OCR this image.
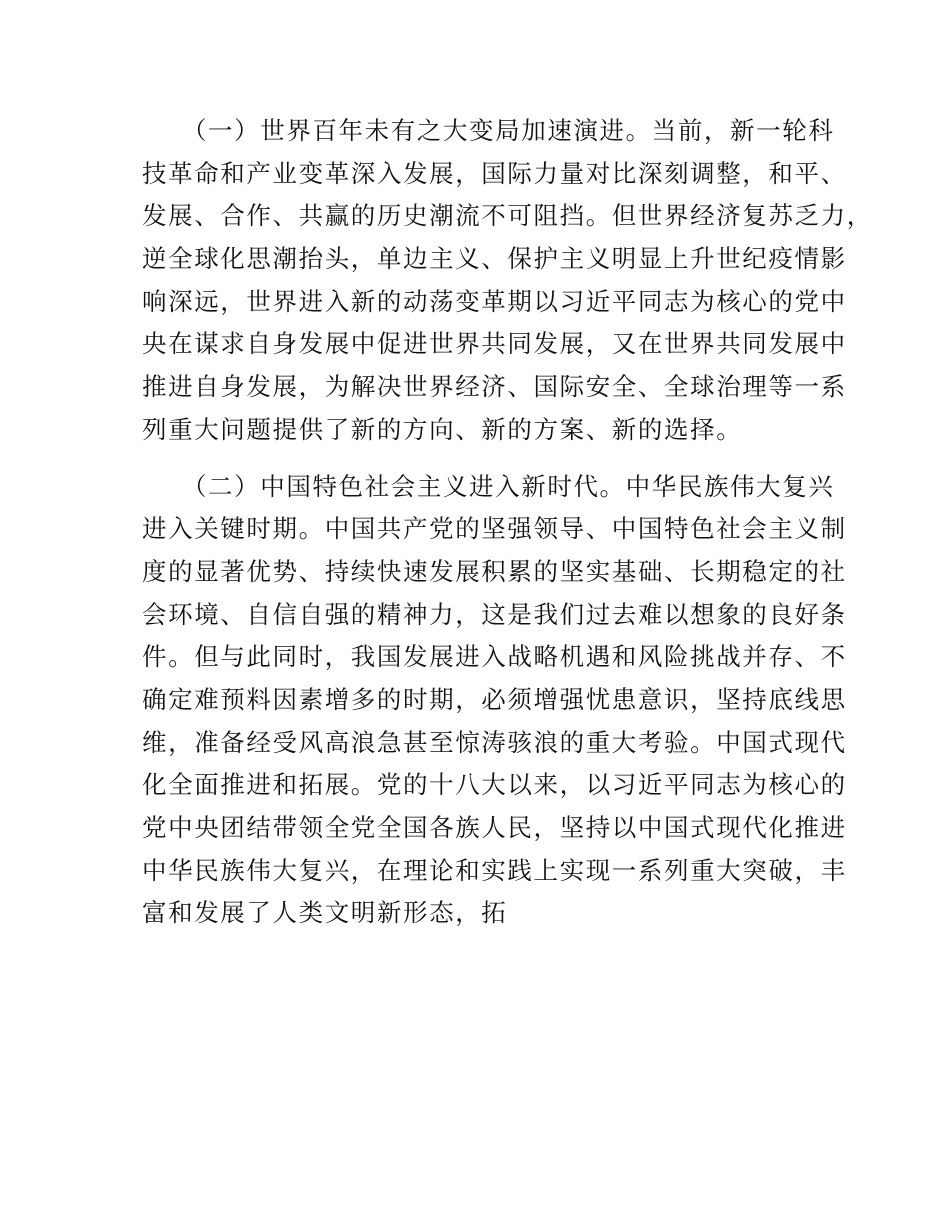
　　（一）世界百年未有之大变局加速演进。当前，新一轮科
技革命和产业变革深入发展，国际力量对比深刻调整，和平、
发展、合作、共赢的历史潮流不可阻挡。但世界经济复苏乏力，
逆全球化思潮抬头，单边主义、保护主义明显上升世纪疫情影
响深远，世界进入新的动荡变革期以习近平同志为核心的党中
央在谋求自身发展中促进世界共同发展，又在世界共同发展中
推进自身发展，为解决世界经济、国际安全、全球治理等一系
列重大问题提供了新的方向、新的方案、新的选择。
　　（二）中国特色社会主义进入新时代。中华民族伟大复兴
进入关键时期。中国共产党的坚强领导、中国特色社会主义制
度的显著优势、持续快速发展积累的坚实基础、长期稳定的社
会环境、自信自强的精神力，这是我们过去难以想象的良好条
件。但与此同时，我国发展进入战略机遇和风险挑战并存、不
确定难预料因素增多的时期，必须增强忧患意识，坚持底线思
维，准备经受风高浪急甚至惊涛骇浪的重大考验。中国式现代
化全面推进和拓展。党的十八大以来，以习近平同志为核心的
党中央团结带领全党全国各族人民，坚持以中国式现代化推进
中华民族伟大复兴，在理论和实践上实现一系列重大突破，丰
富和发展了人类文明新形态，拓
